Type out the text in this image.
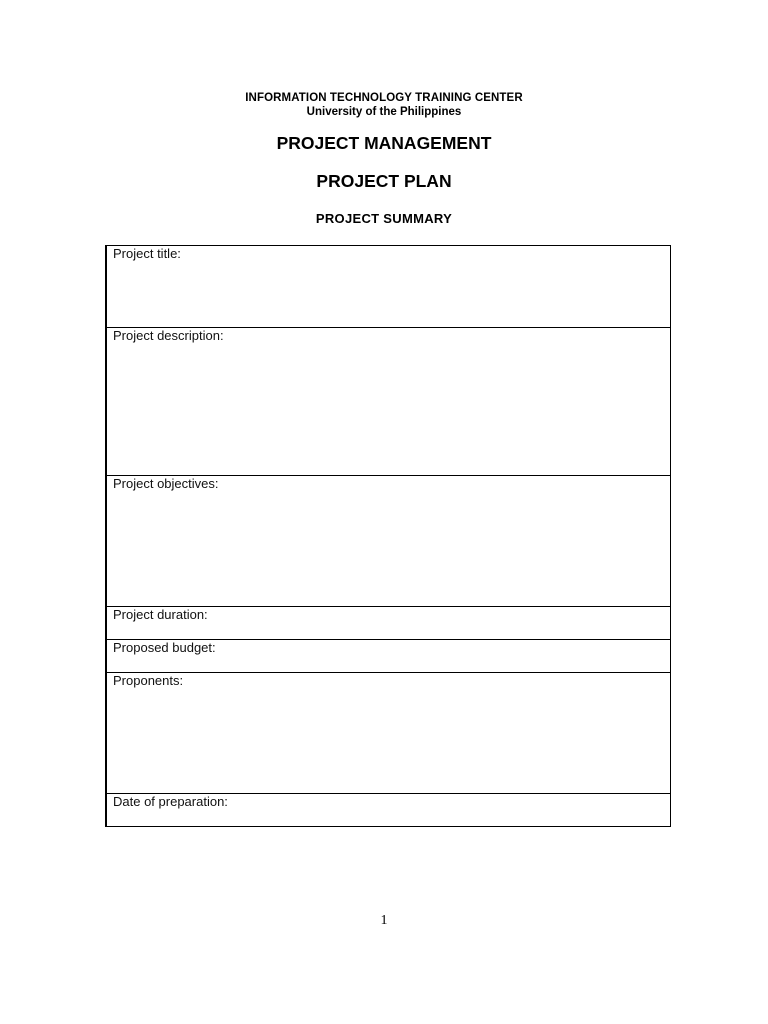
INFORMATION TECHNOLOGY TRAINING CENTER
University of the Philippines
PROJECT MANAGEMENT
PROJECT PLAN
PROJECT SUMMARY
Project title:
Project description:
Project objectives:
Project duration:
Proposed budget:
Proponents:
Date of preparation:
1
